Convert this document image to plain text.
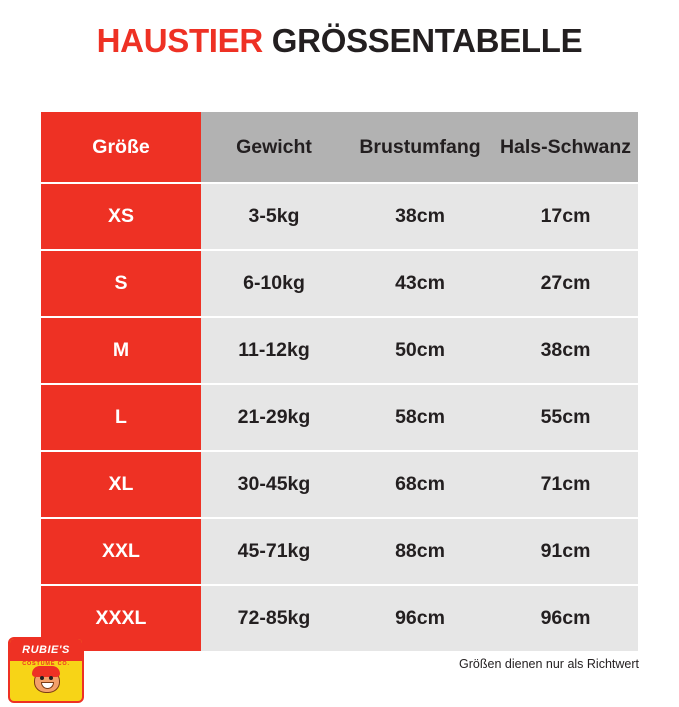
HAUSTIER GRÖSSENTABELLE
Größe	Gewicht	Brustumfang	Hals-Schwanz
XS	3-5kg	38cm	17cm
S	6-10kg	43cm	27cm
M	11-12kg	50cm	38cm
L	21-29kg	58cm	55cm
XL	30-45kg	68cm	71cm
XXL	45-71kg	88cm	91cm
XXXL	72-85kg	96cm	96cm
Größen dienen nur als Richtwert
RUBIE'S
COSTUME CO.
